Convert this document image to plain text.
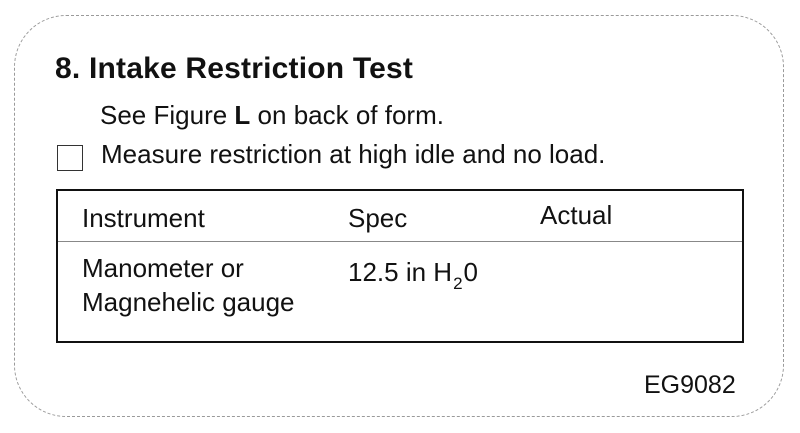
8. Intake Restriction Test
See Figure L on back of form.
Measure restriction at high idle and no load.
Instrument	Spec	Actual
Manometer or
Magnehelic gauge
12.5 in $H_20$
EG9082
